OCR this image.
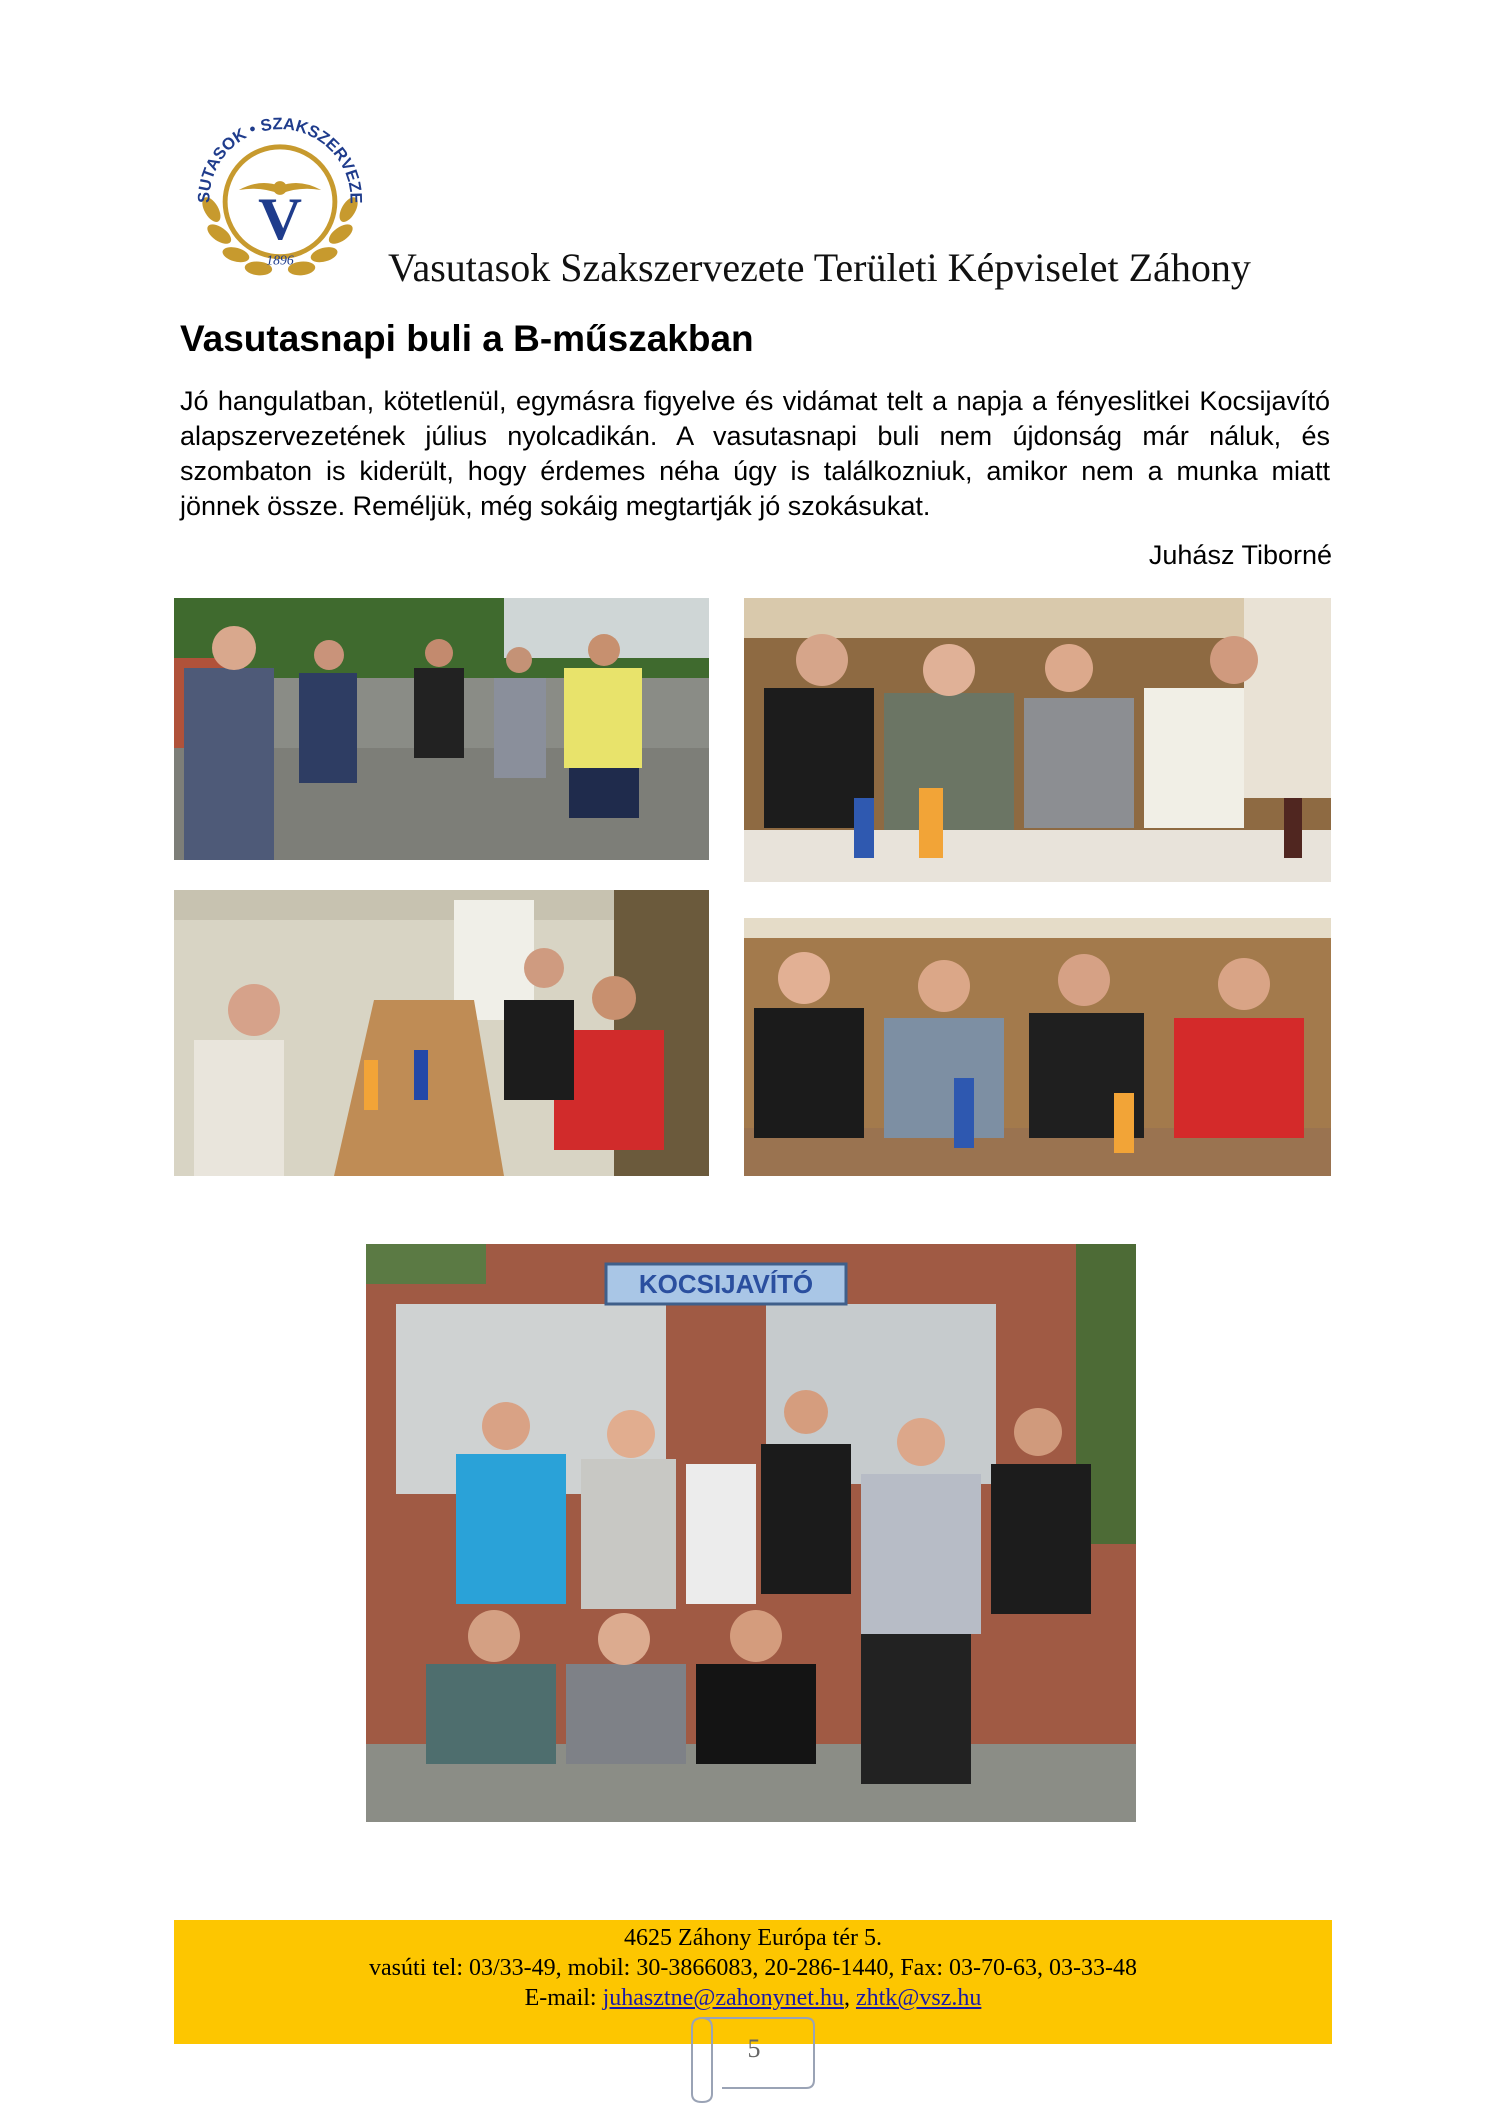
SUTASOK • SZAKSZERVEZE
V
1896 Vasutasok Szakszervezete Területi Képviselet Záhony
Vasutasnapi buli a B-műszakban

Jó hangulatban, kötetlenül, egymásra figyelve és vidámat telt a napja a fényeslitkei Kocsijavító alapszervezetének július nyolcadikán. A vasutasnapi buli nem újdonság már náluk, és szombaton is kiderült, hogy érdemes néha úgy is találkozniuk, amikor nem a munka miatt jönnek össze. Reméljük, még sokáig megtartják jó szokásukat.

Juhász Tiborné
KOCSIJAVÍTÓ
4625 Záhony Európa tér 5.
vasúti tel: 03/33-49, mobil: 30-3866083, 20-286-1440, Fax: 03-70-63, 03-33-48
E-mail: juhasztne@zahonynet.hu, zhtk@vsz.hu
5
